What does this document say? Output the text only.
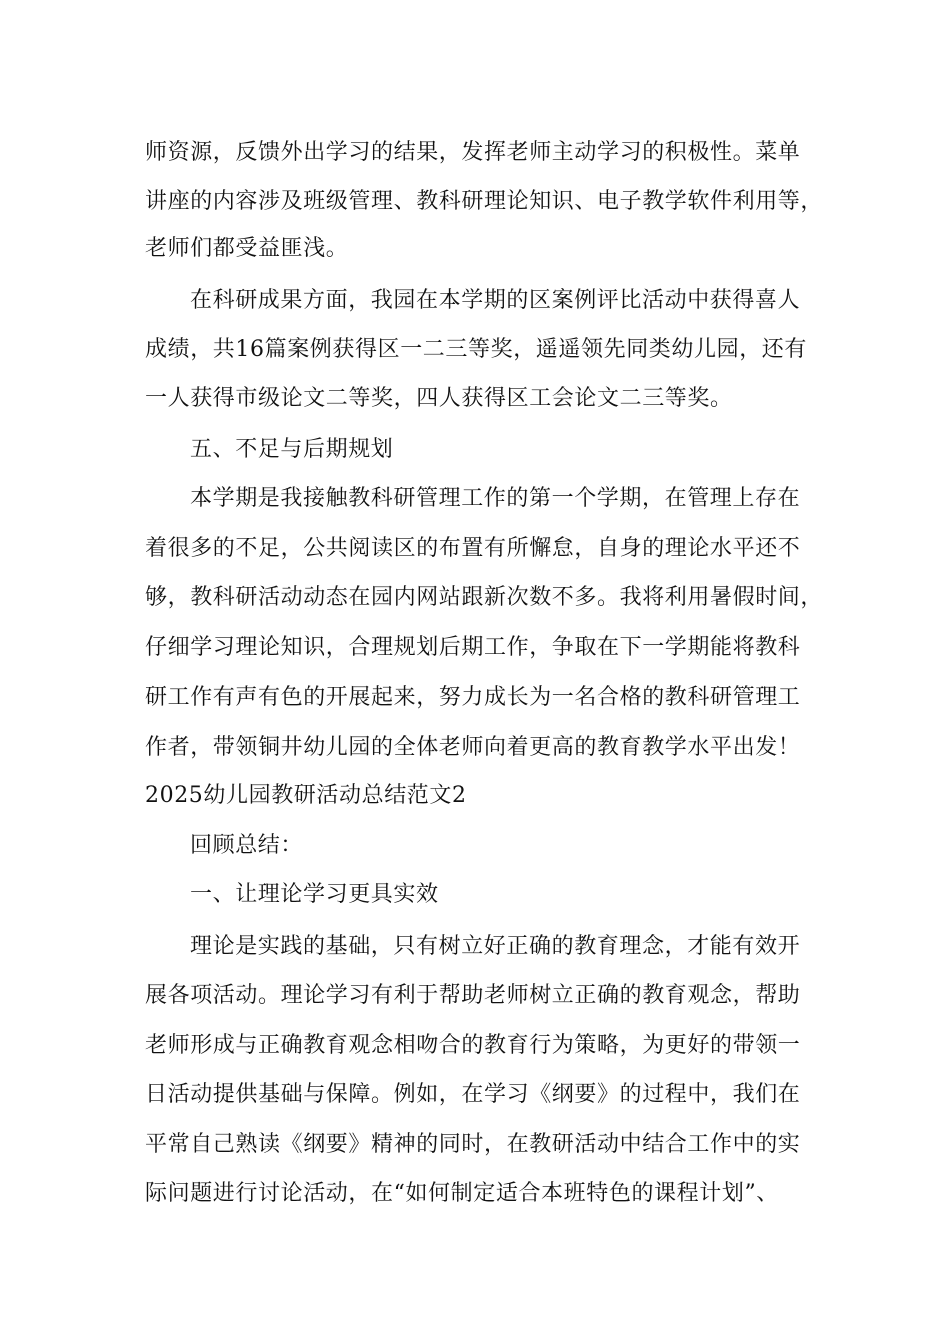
师资源，反馈外出学习的结果，发挥老师主动学习的积极性。菜单
讲座的内容涉及班级管理、教科研理论知识、电子教学软件利用等，
老师们都受益匪浅。
在科研成果方面，我园在本学期的区案例评比活动中获得喜人
成绩，共16篇案例获得区一二三等奖，遥遥领先同类幼儿园，还有
一人获得市级论文二等奖，四人获得区工会论文二三等奖。
五、不足与后期规划
本学期是我接触教科研管理工作的第一个学期，在管理上存在
着很多的不足，公共阅读区的布置有所懈怠，自身的理论水平还不
够，教科研活动动态在园内网站跟新次数不多。我将利用暑假时间，
仔细学习理论知识，合理规划后期工作，争取在下一学期能将教科
研工作有声有色的开展起来，努力成长为一名合格的教科研管理工
作者，带领铜井幼儿园的全体老师向着更高的教育教学水平出发！
2025幼儿园教研活动总结范文2
回顾总结：
一、让理论学习更具实效
理论是实践的基础，只有树立好正确的教育理念，才能有效开
展各项活动。理论学习有利于帮助老师树立正确的教育观念，帮助
老师形成与正确教育观念相吻合的教育行为策略，为更好的带领一
日活动提供基础与保障。例如，在学习《纲要》的过程中，我们在
平常自己熟读《纲要》精神的同时，在教研活动中结合工作中的实
际问题进行讨论活动，在“如何制定适合本班特色的课程计划”、
